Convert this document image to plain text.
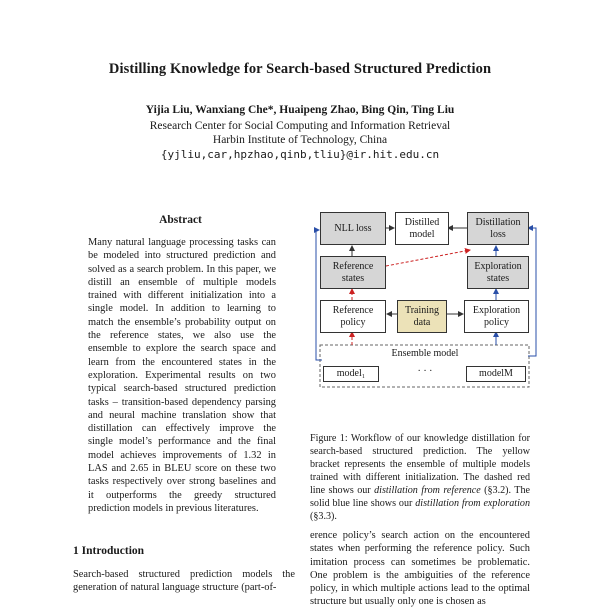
Distilling Knowledge for Search-based Structured Prediction
Yijia Liu, Wanxiang Che*, Huaipeng Zhao, Bing Qin, Ting Liu
Research Center for Social Computing and Information Retrieval
Harbin Institute of Technology, China
{yjliu,car,hpzhao,qinb,tliu}@ir.hit.edu.cn
Abstract
Many natural language processing tasks can be modeled into structured prediction and solved as a search problem. In this paper, we distill an ensemble of multiple models trained with different initialization into a single model. In addition to learning to match the ensemble’s probability output on the reference states, we also use the ensemble to explore the search space and learn from the encountered states in the exploration. Experimental results on two typical search-based structured prediction tasks – transition-based dependency parsing and neural machine translation show that distillation can effectively improve the single model’s performance and the final model achieves improvements of 1.32 in LAS and 2.65 in BLEU score on these two tasks respectively over strong baselines and it outperforms the greedy structured prediction models in previous literatures.
1 Introduction
Search-based structured prediction models the generation of natural language structure (part-of-
NLL loss
Distilled model
Distillation loss
Reference states
Exploration states
Reference policy
Training data
Exploration policy
Ensemble model
model₁	· · ·	modelM
Figure 1: Workflow of our knowledge distillation for search-based structured prediction. The yellow bracket represents the ensemble of multiple models trained with different initialization. The dashed red line shows our distillation from reference (§3.2). The solid blue line shows our distillation from exploration (§3.3).
erence policy’s search action on the encountered states when performing the reference policy. Such imitation process can sometimes be problematic. One problem is the ambiguities of the reference policy, in which multiple actions lead to the optimal structure but usually only one is chosen as
